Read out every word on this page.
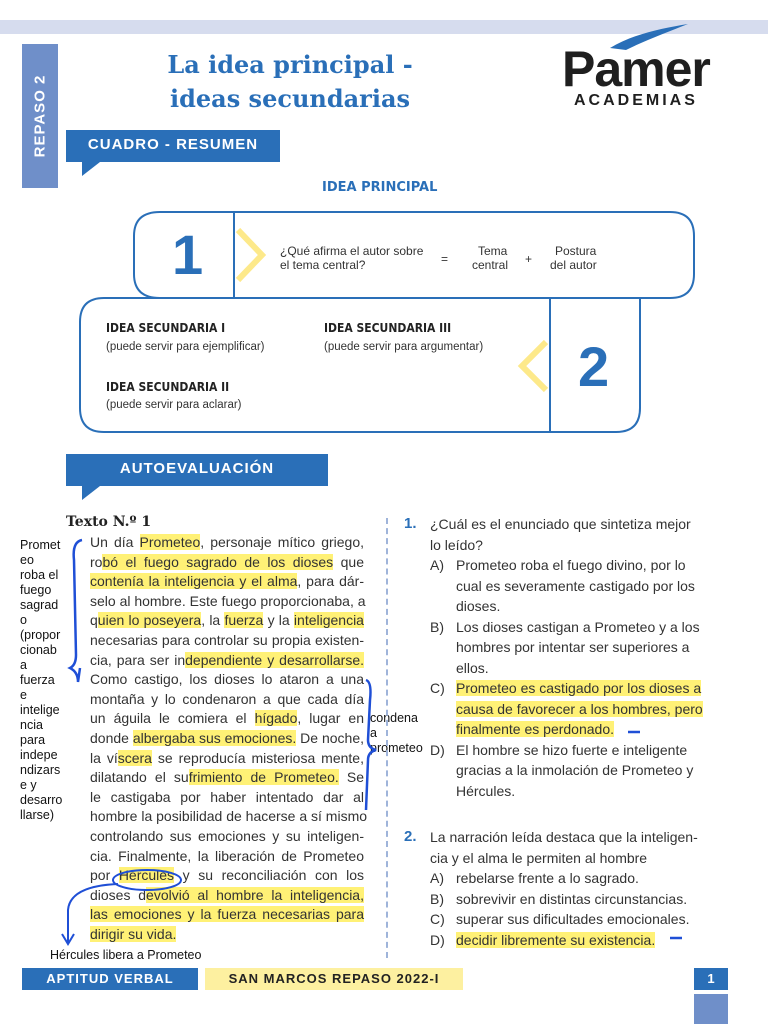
REPASO 2
La idea principal -
ideas secundarias
Pamer
ACADEMIAS
CUADRO - RESUMEN
IDEA PRINCIPAL
1	¿Qué afirma el autor sobre
el tema central?	=
Tema
central +
Postura
del autor
IDEA SECUNDARIA I
(puede servir para ejemplificar)
IDEA SECUNDARIA III
(puede servir para argumentar)
IDEA SECUNDARIA II
(puede servir para aclarar)
2
AUTOEVALUACIÓN
Texto N.º 1
Un día Prometeo, personaje mítico griego,
robó el fuego sagrado de los dioses que
contenía la inteligencia y el alma, para dár-
selo al hombre. Este fuego proporcionaba, a
quien lo poseyera, la fuerza y la inteligencia
necesarias para controlar su propia existen-
cia, para ser independiente y desarrollarse.
Como castigo, los dioses lo ataron a una
montaña y lo condenaron a que cada día
un águila le comiera el hígado, lugar en
donde albergaba sus emociones. De noche,
la víscera se reproducía misteriosa mente,
dilatando el sufrimiento de Prometeo. Se
le castigaba por haber intentado dar al
hombre la posibilidad de hacerse a sí mismo
controlando sus emociones y su inteligen-
cia. Finalmente, la liberación de Prometeo
por Hércules y su reconciliación con los
dioses devolvió al hombre la inteligencia,
las emociones y la fuerza necesarias para
dirigir su vida.
Promet
eo
roba el
fuego
sagrad
o
(propor
cionab
a
fuerza
e
intelige
ncia
para
indepe
ndizars
e y
desarro
llarse)
condena
a
prometeo
Hércules libera a Prometeo
1. ¿Cuál es el enunciado que sintetiza mejor
lo leído?
A) Prometeo roba el fuego divino, por lo
cual es severamente castigado por los
dioses.
B) Los dioses castigan a Prometeo y a los
hombres por intentar ser superiores a
ellos.
C) Prometeo es castigado por los dioses a
causa de favorecer a los hombres, pero
finalmente es perdonado.
D) El hombre se hizo fuerte e inteligente
gracias a la inmolación de Prometeo y
Hércules.
2. La narración leída destaca que la inteligen-
cia y el alma le permiten al hombre
A) rebelarse frente a lo sagrado.
B) sobrevivir en distintas circunstancias.
C) superar sus dificultades emocionales.
D) decidir libremente su existencia.
APTITUD VERBAL	SAN MARCOS REPASO 2022-I	1
